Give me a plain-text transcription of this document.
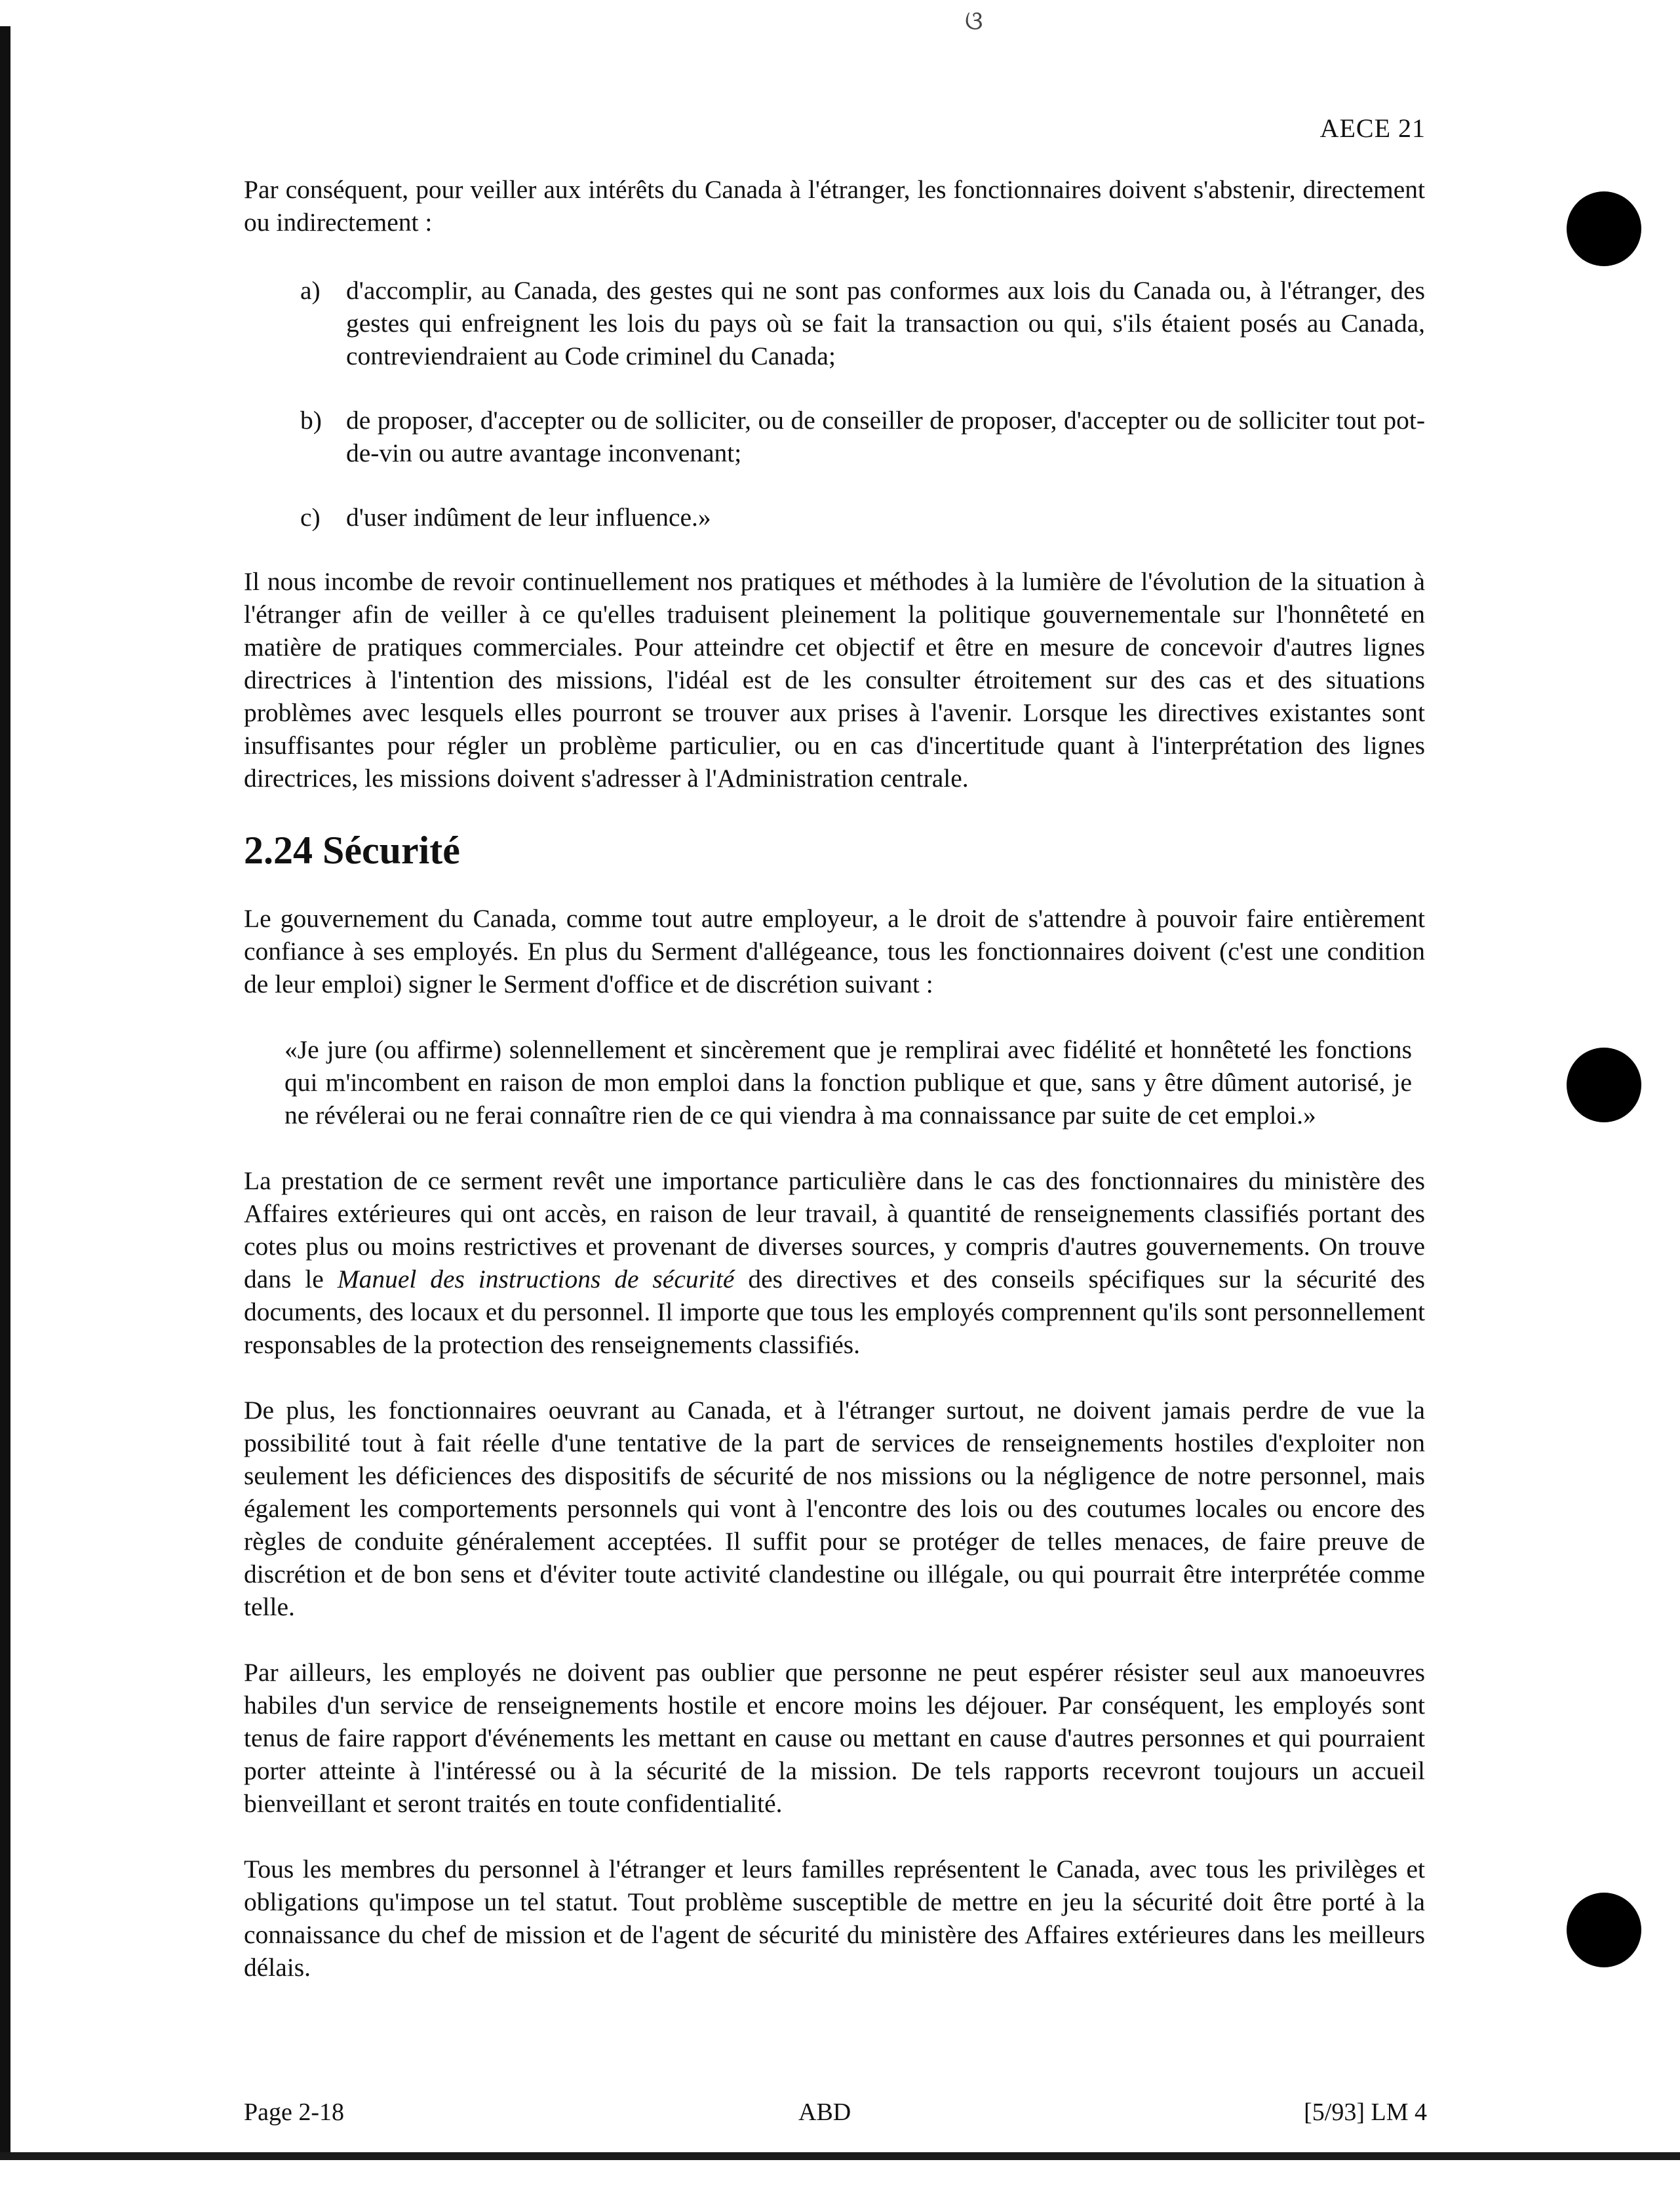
ଓ
AECE 21

Par conséquent, pour veiller aux intérêts du Canada à l'étranger, les fonctionnaires doivent s'abstenir, directement ou indirectement :

a) d'accomplir, au Canada, des gestes qui ne sont pas conformes aux lois du Canada ou, à l'étranger, des gestes qui enfreignent les lois du pays où se fait la transaction ou qui, s'ils étaient posés au Canada, contreviendraient au Code criminel du Canada;
b) de proposer, d'accepter ou de solliciter, ou de conseiller de proposer, d'accepter ou de solliciter tout pot-de-vin ou autre avantage inconvenant;
c) d'user indûment de leur influence.»

Il nous incombe de revoir continuellement nos pratiques et méthodes à la lumière de l'évolution de la situation à l'étranger afin de veiller à ce qu'elles traduisent pleinement la politique gouvernementale sur l'honnêteté en matière de pratiques commerciales. Pour atteindre cet objectif et être en mesure de concevoir d'autres lignes directrices à l'intention des missions, l'idéal est de les consulter étroitement sur des cas et des situations problèmes avec lesquels elles pourront se trouver aux prises à l'avenir. Lorsque les directives existantes sont insuffisantes pour régler un problème particulier, ou en cas d'incertitude quant à l'interprétation des lignes directrices, les missions doivent s'adresser à l'Administration centrale.

2.24 Sécurité

Le gouvernement du Canada, comme tout autre employeur, a le droit de s'attendre à pouvoir faire entièrement confiance à ses employés. En plus du Serment d'allégeance, tous les fonctionnaires doivent (c'est une condition de leur emploi) signer le Serment d'office et de discrétion suivant :

«Je jure (ou affirme) solennellement et sincèrement que je remplirai avec fidélité et honnêteté les fonctions qui m'incombent en raison de mon emploi dans la fonction publique et que, sans y être dûment autorisé, je ne révélerai ou ne ferai connaître rien de ce qui viendra à ma connaissance par suite de cet emploi.»

La prestation de ce serment revêt une importance particulière dans le cas des fonctionnaires du ministère des Affaires extérieures qui ont accès, en raison de leur travail, à quantité de renseignements classifiés portant des cotes plus ou moins restrictives et provenant de diverses sources, y compris d'autres gouvernements. On trouve dans le Manuel des instructions de sécurité des directives et des conseils spécifiques sur la sécurité des documents, des locaux et du personnel. Il importe que tous les employés comprennent qu'ils sont personnellement responsables de la protection des renseignements classifiés.

De plus, les fonctionnaires oeuvrant au Canada, et à l'étranger surtout, ne doivent jamais perdre de vue la possibilité tout à fait réelle d'une tentative de la part de services de renseignements hostiles d'exploiter non seulement les déficiences des dispositifs de sécurité de nos missions ou la négligence de notre personnel, mais également les comportements personnels qui vont à l'encontre des lois ou des coutumes locales ou encore des règles de conduite généralement acceptées. Il suffit pour se protéger de telles menaces, de faire preuve de discrétion et de bon sens et d'éviter toute activité clandestine ou illégale, ou qui pourrait être interprétée comme telle.

Par ailleurs, les employés ne doivent pas oublier que personne ne peut espérer résister seul aux manoeuvres habiles d'un service de renseignements hostile et encore moins les déjouer. Par conséquent, les employés sont tenus de faire rapport d'événements les mettant en cause ou mettant en cause d'autres personnes et qui pourraient porter atteinte à l'intéressé ou à la sécurité de la mission. De tels rapports recevront toujours un accueil bienveillant et seront traités en toute confidentialité.

Tous les membres du personnel à l'étranger et leurs familles représentent le Canada, avec tous les privilèges et obligations qu'impose un tel statut. Tout problème susceptible de mettre en jeu la sécurité doit être porté à la connaissance du chef de mission et de l'agent de sécurité du ministère des Affaires extérieures dans les meilleurs délais.

Page 2-18	ABD	[5/93] LM 4
